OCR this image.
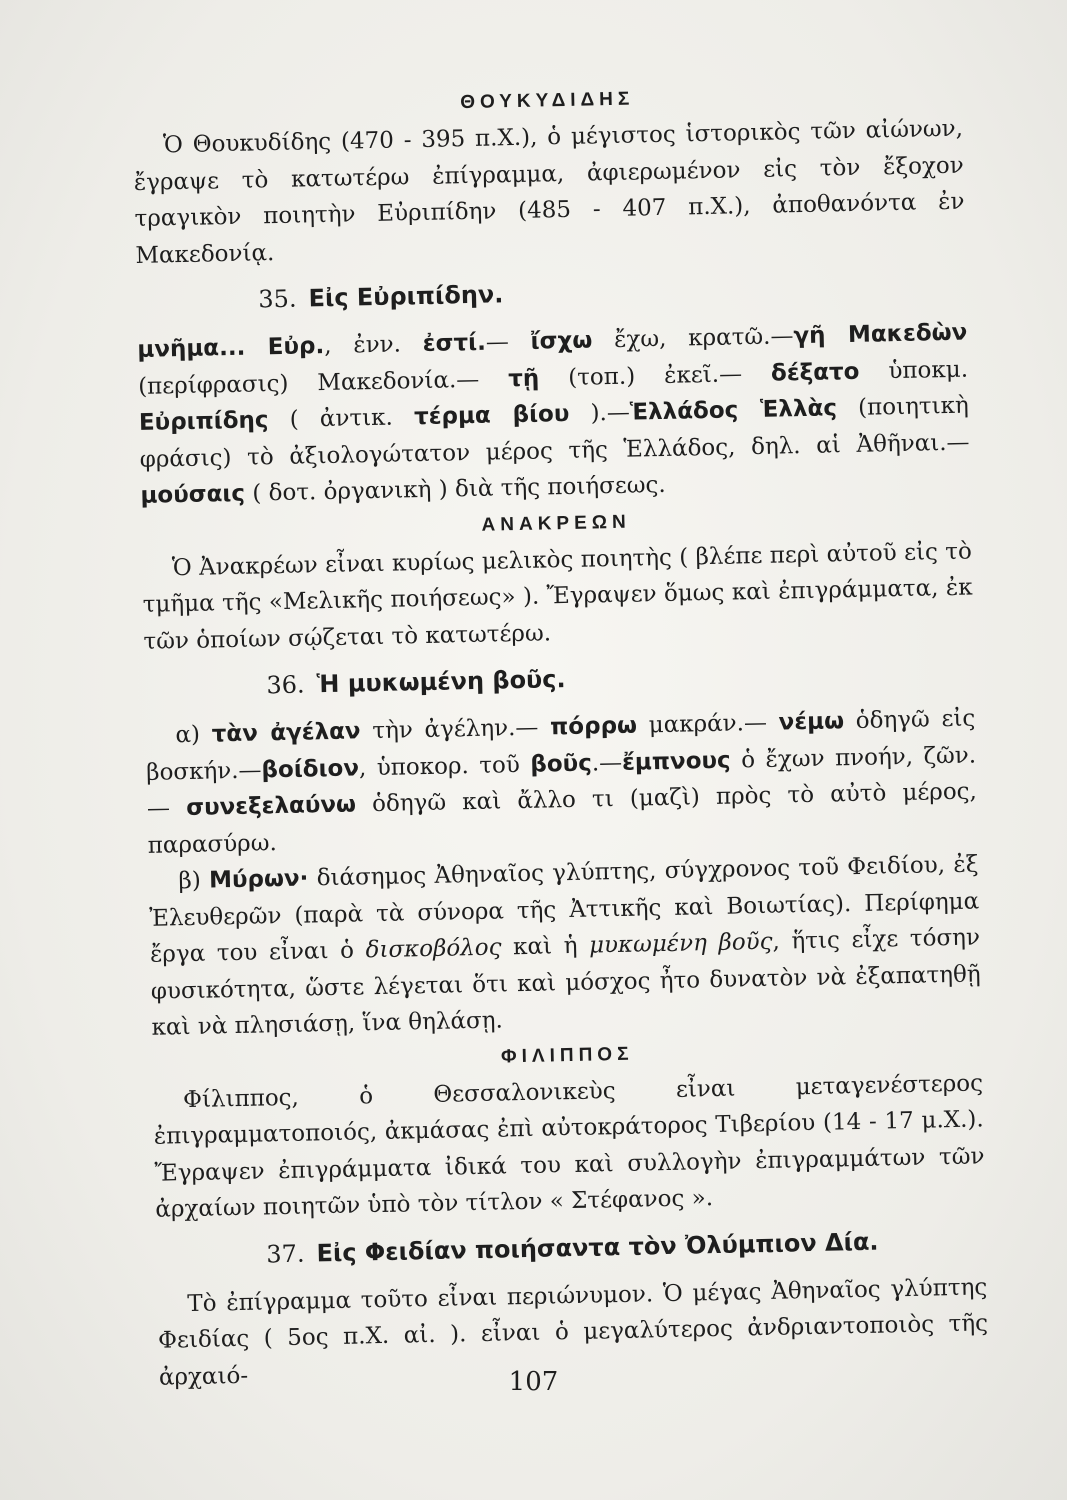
ΘΟΥΚΥΔΙΔΗΣ

Ὁ Θουκυδίδης (470 - 395 π.Χ.), ὁ μέγιστος ἱστορικὸς τῶν αἰώνων, ἔγραψε τὸ κατωτέρω ἐπίγραμμα, ἀφιερωμένον εἰς τὸν ἔξοχον τραγικὸν ποιητὴν Εὐριπίδην (485 - 407 π.Χ.), ἀποθανόντα ἐν Μακεδονίᾳ.

35. Εἰς Εὐριπίδην.

μνῆμα... Εὐρ., ἐνν. ἐστί.— ἴσχω ἔχω, κρατῶ.—γῆ Μακεδὼν (περίφρασις) Μακεδονία.— τῇ (τοπ.) ἐκεῖ.— δέξατο ὑποκμ. Εὐριπίδης ( ἀντικ. τέρμα βίου ).—Ἑλλάδος Ἑλλὰς (ποιητικὴ φράσις) τὸ ἀξιολογώτατον μέρος τῆς Ἑλλάδος, δηλ. αἱ Ἀθῆναι.— μούσαις ( δοτ. ὀργανικὴ ) διὰ τῆς ποιήσεως.

ΑΝΑΚΡΕΩΝ

Ὁ Ἀνακρέων εἶναι κυρίως μελικὸς ποιητὴς ( βλέπε περὶ αὐτοῦ εἰς τὸ τμῆμα τῆς «Μελικῆς ποιήσεως» ). Ἔγραψεν ὅμως καὶ ἐπιγράμματα, ἐκ τῶν ὁποίων σῴζεται τὸ κατωτέρω.

36. Ἡ μυκωμένη βοῦς.

α) τὰν ἀγέλαν τὴν ἀγέλην.— πόρρω μακράν.— νέμω ὁδηγῶ εἰς βοσκήν.—βοίδιον, ὑποκορ. τοῦ βοῦς.—ἔμπνους ὁ ἔχων πνοήν, ζῶν.— συνεξελαύνω ὁδηγῶ καὶ ἄλλο τι (μαζὶ) πρὸς τὸ αὐτὸ μέρος, παρασύρω.

β) Μύρων· διάσημος Ἀθηναῖος γλύπτης, σύγχρονος τοῦ Φειδίου, ἐξ Ἐλευθερῶν (παρὰ τὰ σύνορα τῆς Ἀττικῆς καὶ Βοιωτίας). Περίφημα ἔργα του εἶναι ὁ δισκοβόλος καὶ ἡ μυκωμένη βοῦς, ἥτις εἶχε τόσην φυσικότητα, ὥστε λέγεται ὅτι καὶ μόσχος ἦτο δυνατὸν νὰ ἐξαπατηθῇ καὶ νὰ πλησιάσῃ, ἵνα θηλάσῃ.

ΦΙΛΙΠΠΟΣ

Φίλιππος, ὁ Θεσσαλονικεὺς εἶναι μεταγενέστερος ἐπιγραμματοποιός, ἀκμάσας ἐπὶ αὐτοκράτορος Τιβερίου (14 - 17 μ.Χ.). Ἔγραψεν ἐπιγράμματα ἰδικά του καὶ συλλογὴν ἐπιγραμμάτων τῶν ἀρχαίων ποιητῶν ὑπὸ τὸν τίτλον « Στέφανος ».

37. Εἰς Φειδίαν ποιήσαντα τὸν Ὀλύμπιον Δία.

Τὸ ἐπίγραμμα τοῦτο εἶναι περιώνυμον. Ὁ μέγας Ἀθηναῖος γλύπτης Φειδίας ( 5ος π.Χ. αἰ. ). εἶναι ὁ μεγαλύτερος ἀνδριαντοποιὸς τῆς ἀρχαιό-	107
